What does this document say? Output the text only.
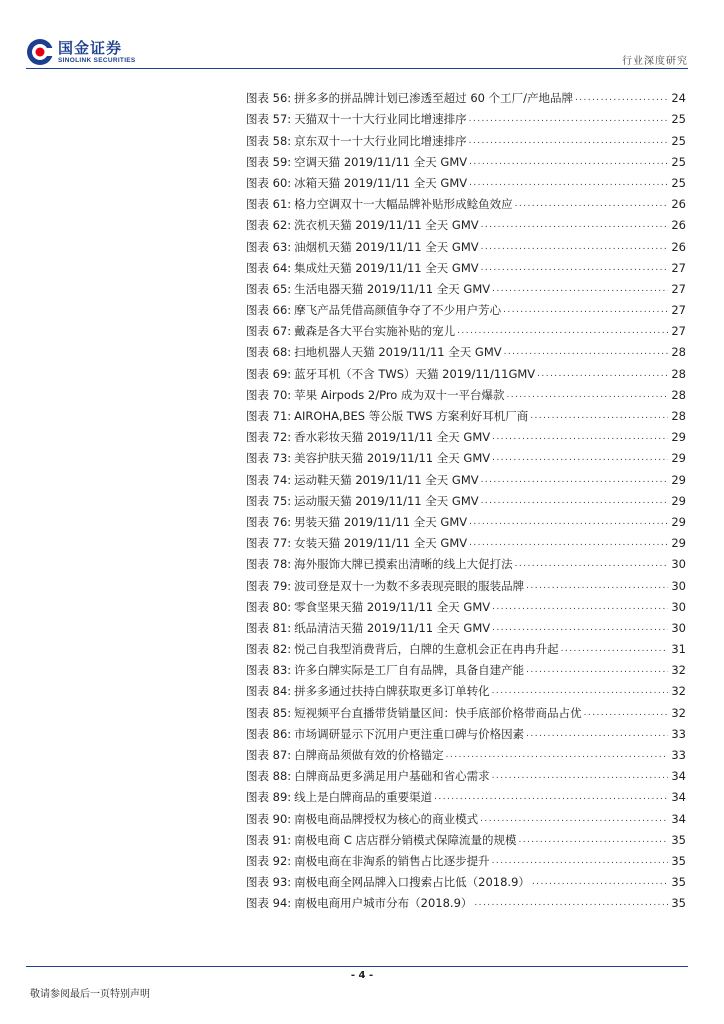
国金证券
SINOLINK SECURITIES	行业深度研究
图表 56: 拼多多的拼品牌计划已渗透至超过 60 个工厂/产地品牌 .....	24
图表 57: 天猫双十一十大行业同比增速排序 .....	25
图表 58: 京东双十一十大行业同比增速排序 .....	25
图表 59: 空调天猫 2019/11/11 全天 GMV .....	25
图表 60: 冰箱天猫 2019/11/11 全天 GMV .....	25
图表 61: 格力空调双十一大幅品牌补贴形成鲶鱼效应 .....	26
图表 62: 洗衣机天猫 2019/11/11 全天 GMV .....	26
图表 63: 油烟机天猫 2019/11/11 全天 GMV .....	26
图表 64: 集成灶天猫 2019/11/11 全天 GMV .....	27
图表 65: 生活电器天猫 2019/11/11 全天 GMV .....	27
图表 66: 摩飞产品凭借高颜值争夺了不少用户芳心 .....	27
图表 67: 戴森是各大平台实施补贴的宠儿 .....	27
图表 68: 扫地机器人天猫 2019/11/11 全天 GMV .....	28
图表 69: 蓝牙耳机（不含 TWS）天猫 2019/11/11GMV .....	28
图表 70: 苹果 Airpods 2/Pro 成为双十一平台爆款 .....	28
图表 71: AIROHA,BES 等公版 TWS 方案利好耳机厂商 .....	28
图表 72: 香水彩妆天猫 2019/11/11 全天 GMV .....	29
图表 73: 美容护肤天猫 2019/11/11 全天 GMV .....	29
图表 74: 运动鞋天猫 2019/11/11 全天 GMV .....	29
图表 75: 运动服天猫 2019/11/11 全天 GMV .....	29
图表 76: 男装天猫 2019/11/11 全天 GMV .....	29
图表 77: 女装天猫 2019/11/11 全天 GMV .....	29
图表 78: 海外服饰大牌已摸索出清晰的线上大促打法 .....	30
图表 79: 波司登是双十一为数不多表现亮眼的服装品牌 .....	30
图表 80: 零食坚果天猫 2019/11/11 全天 GMV .....	30
图表 81: 纸品清洁天猫 2019/11/11 全天 GMV .....	30
图表 82: 悦己自我型消费背后，白牌的生意机会正在冉冉升起 .....	31
图表 83: 许多白牌实际是工厂自有品牌，具备自建产能 .....	32
图表 84: 拼多多通过扶持白牌获取更多订单转化 .....	32
图表 85: 短视频平台直播带货销量区间：快手底部价格带商品占优 .....	32
图表 86: 市场调研显示下沉用户更注重口碑与价格因素 .....	33
图表 87: 白牌商品须做有效的价格锚定 .....	33
图表 88: 白牌商品更多满足用户基础和省心需求 .....	34
图表 89: 线上是白牌商品的重要渠道 .....	34
图表 90: 南极电商品牌授权为核心的商业模式 .....	34
图表 91: 南极电商 C 店店群分销模式保障流量的规模 .....	35
图表 92: 南极电商在非淘系的销售占比逐步提升 .....	35
图表 93: 南极电商全网品牌入口搜索占比低（2018.9） .....	35
图表 94: 南极电商用户城市分布（2018.9） .....	35
- 4 -
敬请参阅最后一页特别声明
